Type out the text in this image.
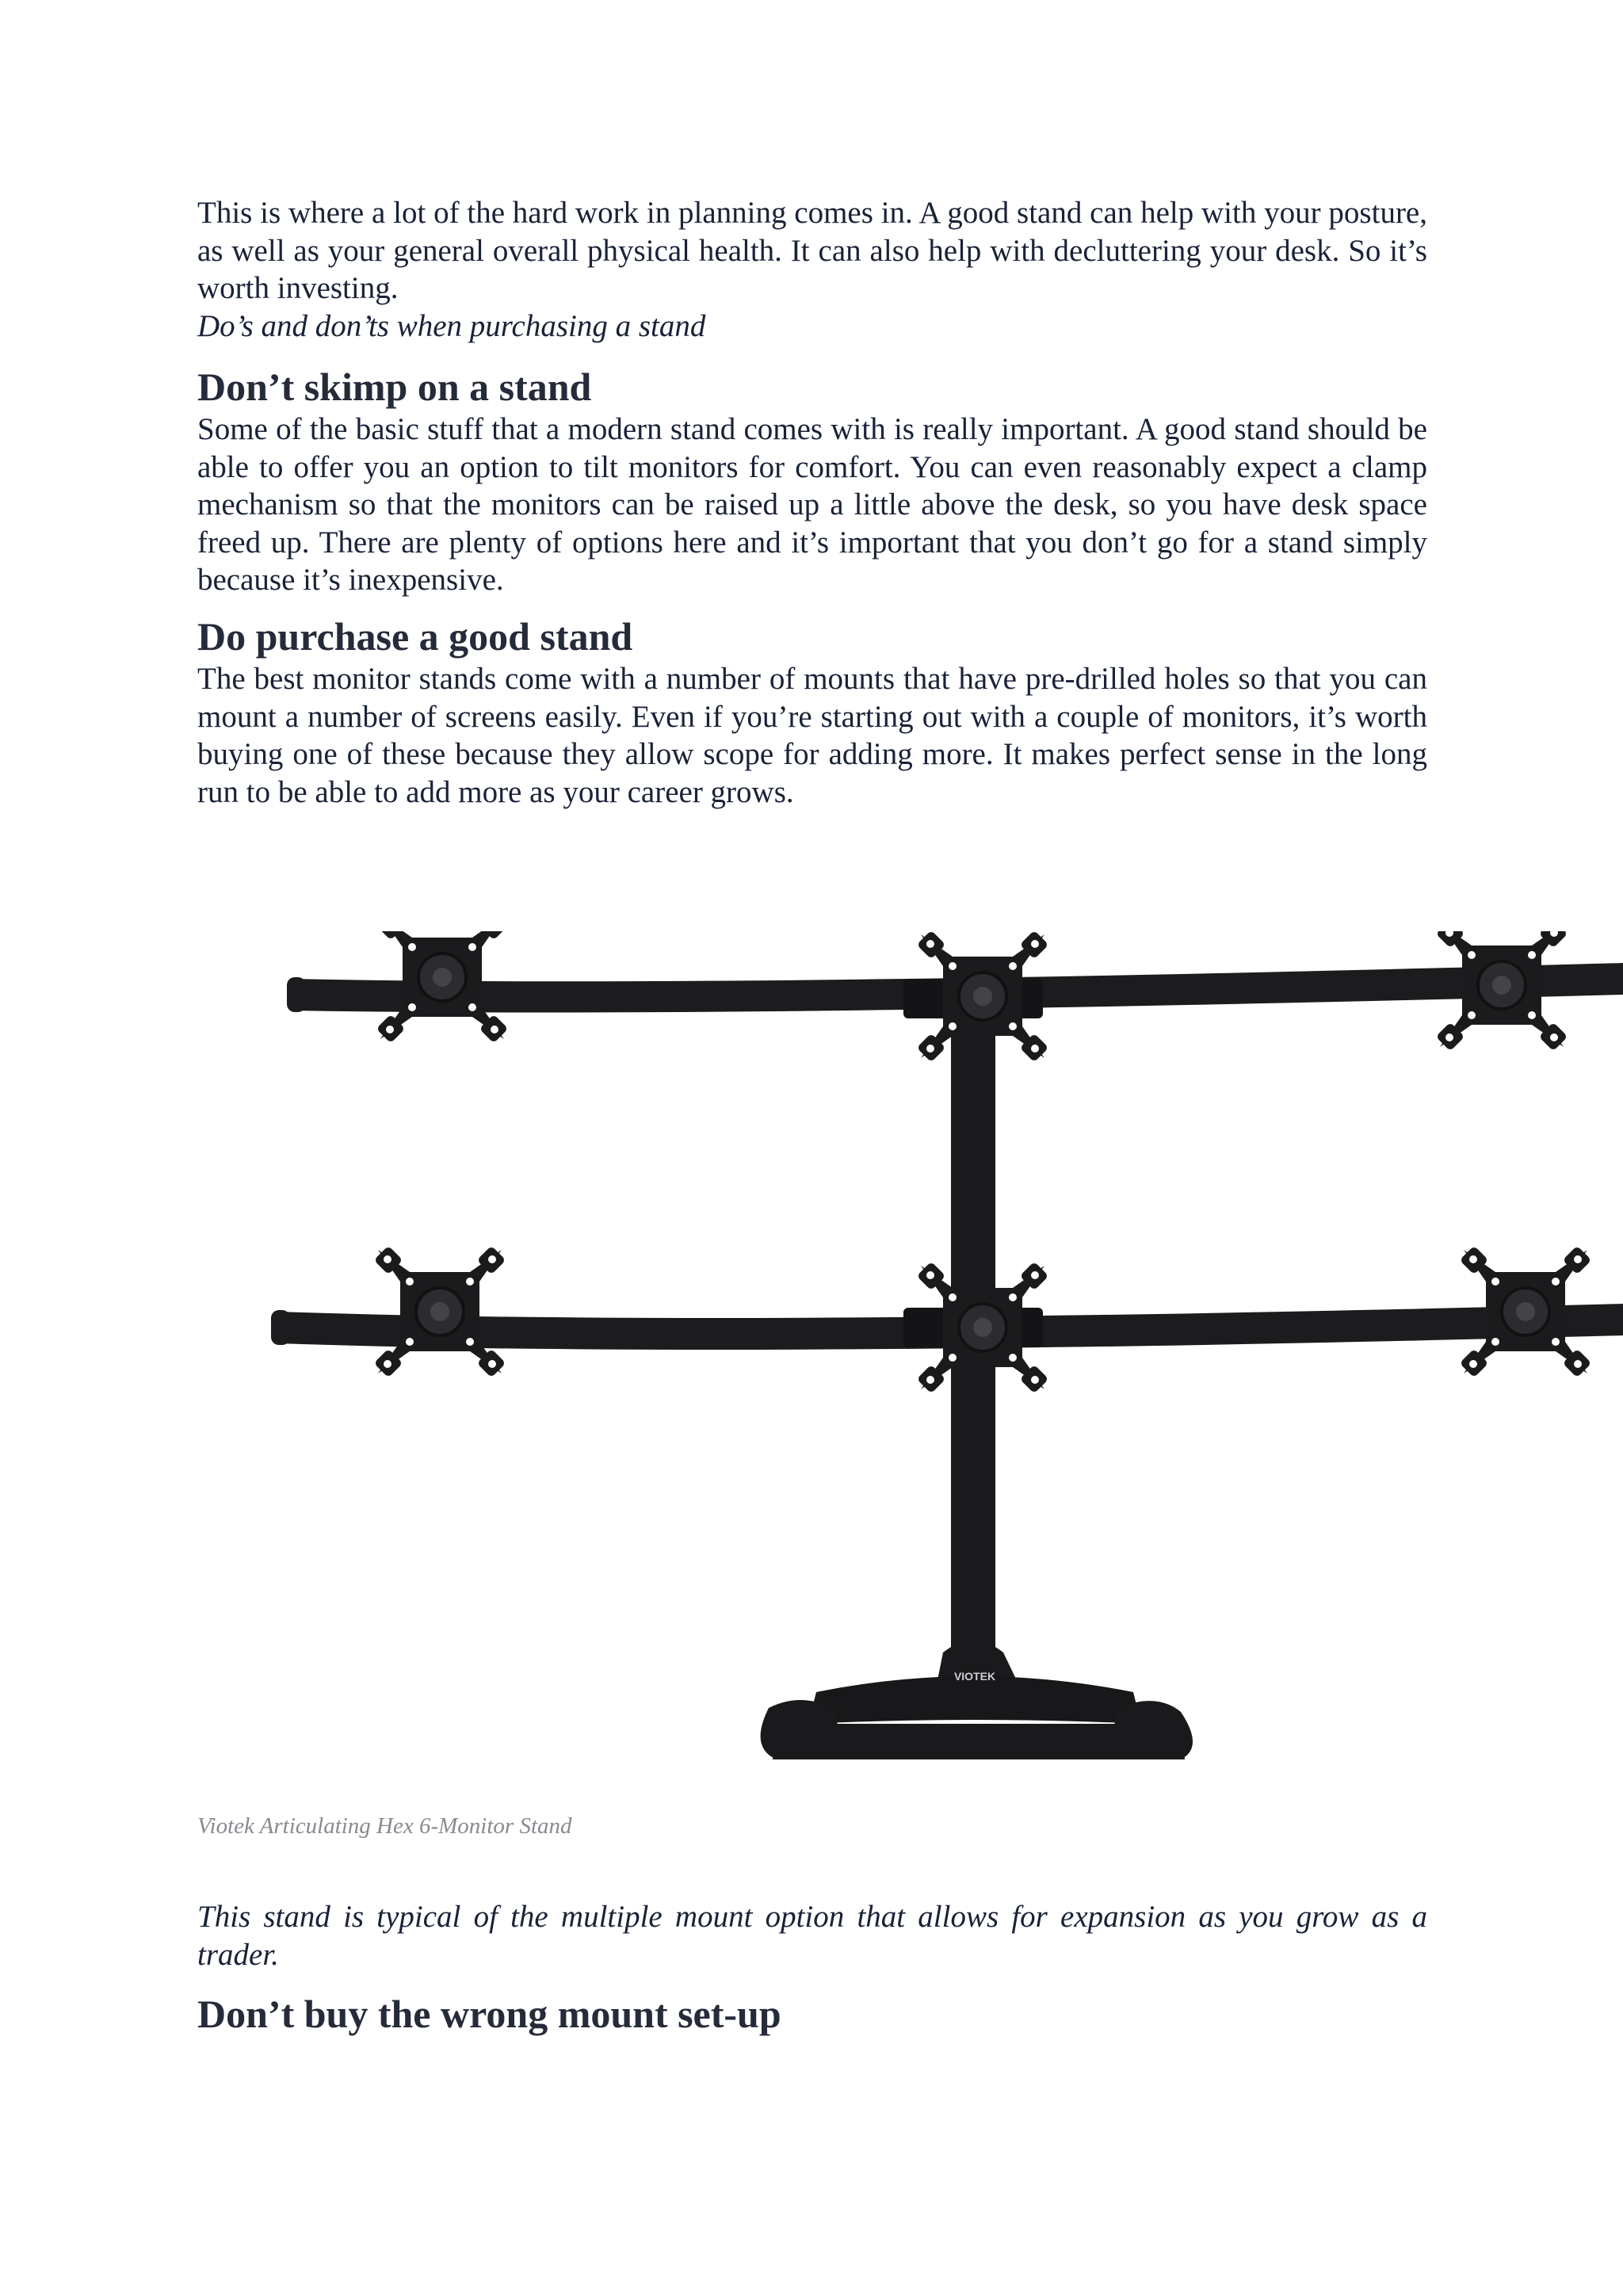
This is where a lot of the hard work in planning comes in. A good stand can help with your posture, as well as your general overall physical health. It can also help with decluttering your desk. So it’s worth investing.

Do’s and don’ts when purchasing a stand

Don’t skimp on a stand

Some of the basic stuff that a modern stand comes with is really important. A good stand should be able to offer you an option to tilt monitors for comfort. You can even reasonably expect a clamp mechanism so that the monitors can be raised up a little above the desk, so you have desk space freed up. There are plenty of options here and it’s important that you don’t go for a stand simply because it’s inexpensive.

Do purchase a good stand

The best monitor stands come with a number of mounts that have pre-drilled holes so that you can mount a number of screens easily. Even if you’re starting out with a couple of monitors, it’s worth buying one of these because they allow scope for adding more. It makes perfect sense in the long run to be able to add more as your career grows.

VIOTEK

Viotek Articulating Hex 6-Monitor Stand

This stand is typical of the multiple mount option that allows for expansion as you grow as a trader.

Don’t buy the wrong mount set-up
